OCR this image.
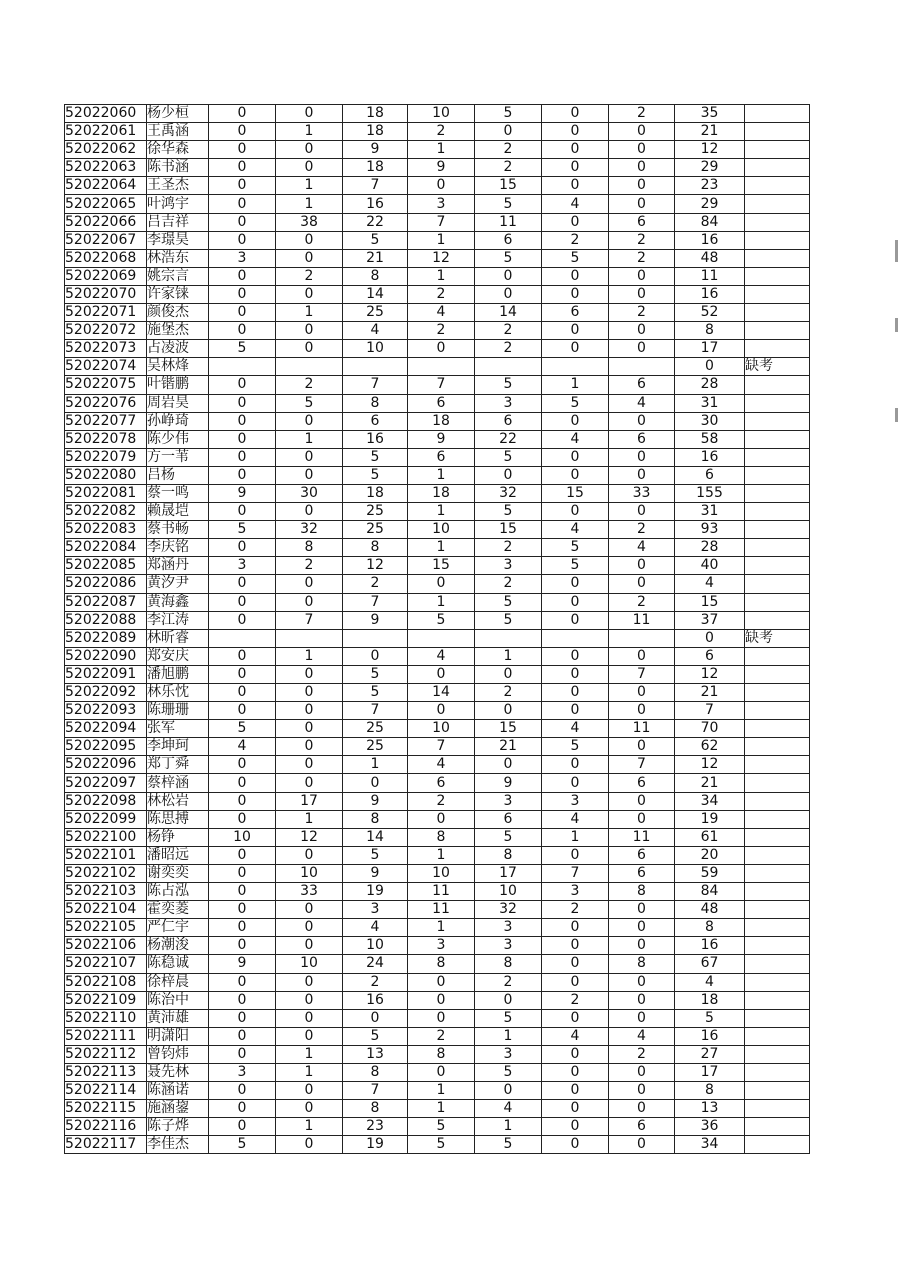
52022060	杨少桓	0	0	18	10	5	0	2	35	
52022061	王禹涵	0	1	18	2	0	0	0	21	
52022062	徐华森	0	0	9	1	2	0	0	12	
52022063	陈书涵	0	0	18	9	2	0	0	29	
52022064	王圣杰	0	1	7	0	15	0	0	23	
52022065	叶鸿宇	0	1	16	3	5	4	0	29	
52022066	吕吉祥	0	38	22	7	11	0	6	84	
52022067	李璟昊	0	0	5	1	6	2	2	16	
52022068	林浩东	3	0	21	12	5	5	2	48	
52022069	姚宗言	0	2	8	1	0	0	0	11	
52022070	许家铼	0	0	14	2	0	0	0	16	
52022071	颜俊杰	0	1	25	4	14	6	2	52	
52022072	施堡杰	0	0	4	2	2	0	0	8	
52022073	占凌波	5	0	10	0	2	0	0	17	
52022074	吴林烽								0	缺考
52022075	叶锴鹏	0	2	7	7	5	1	6	28	
52022076	周岩昊	0	5	8	6	3	5	4	31	
52022077	孙峥琦	0	0	6	18	6	0	0	30	
52022078	陈少伟	0	1	16	9	22	4	6	58	
52022079	方一苇	0	0	5	6	5	0	0	16	
52022080	吕杨	0	0	5	1	0	0	0	6	
52022081	蔡一鸣	9	30	18	18	32	15	33	155	
52022082	赖晟垲	0	0	25	1	5	0	0	31	
52022083	蔡书畅	5	32	25	10	15	4	2	93	
52022084	李庆铭	0	8	8	1	2	5	4	28	
52022085	郑涵丹	3	2	12	15	3	5	0	40	
52022086	黄汐尹	0	0	2	0	2	0	0	4	
52022087	黄海鑫	0	0	7	1	5	0	2	15	
52022088	李江涛	0	7	9	5	5	0	11	37	
52022089	林昕睿								0	缺考
52022090	郑安庆	0	1	0	4	1	0	0	6	
52022091	潘旭鹏	0	0	5	0	0	0	7	12	
52022092	林乐忱	0	0	5	14	2	0	0	21	
52022093	陈珊珊	0	0	7	0	0	0	0	7	
52022094	张军	5	0	25	10	15	4	11	70	
52022095	李坤珂	4	0	25	7	21	5	0	62	
52022096	郑丁舜	0	0	1	4	0	0	7	12	
52022097	蔡梓涵	0	0	0	6	9	0	6	21	
52022098	林松岩	0	17	9	2	3	3	0	34	
52022099	陈思搏	0	1	8	0	6	4	0	19	
52022100	杨铮	10	12	14	8	5	1	11	61	
52022101	潘昭远	0	0	5	1	8	0	6	20	
52022102	谢奕奕	0	10	9	10	17	7	6	59	
52022103	陈占泓	0	33	19	11	10	3	8	84	
52022104	霍奕菱	0	0	3	11	32	2	0	48	
52022105	严仁宇	0	0	4	1	3	0	0	8	
52022106	杨潮浚	0	0	10	3	3	0	0	16	
52022107	陈稳诚	9	10	24	8	8	0	8	67	
52022108	徐梓晨	0	0	2	0	2	0	0	4	
52022109	陈治中	0	0	16	0	0	2	0	18	
52022110	黄沛雄	0	0	0	0	5	0	0	5	
52022111	明潇阳	0	0	5	2	1	4	4	16	
52022112	曾钧炜	0	1	13	8	3	0	2	27	
52022113	聂先林	3	1	8	0	5	0	0	17	
52022114	陈涵诺	0	0	7	1	0	0	0	8	
52022115	施涵鋆	0	0	8	1	4	0	0	13	
52022116	陈子烨	0	1	23	5	1	0	6	36	
52022117	李佳杰	5	0	19	5	5	0	0	34	
